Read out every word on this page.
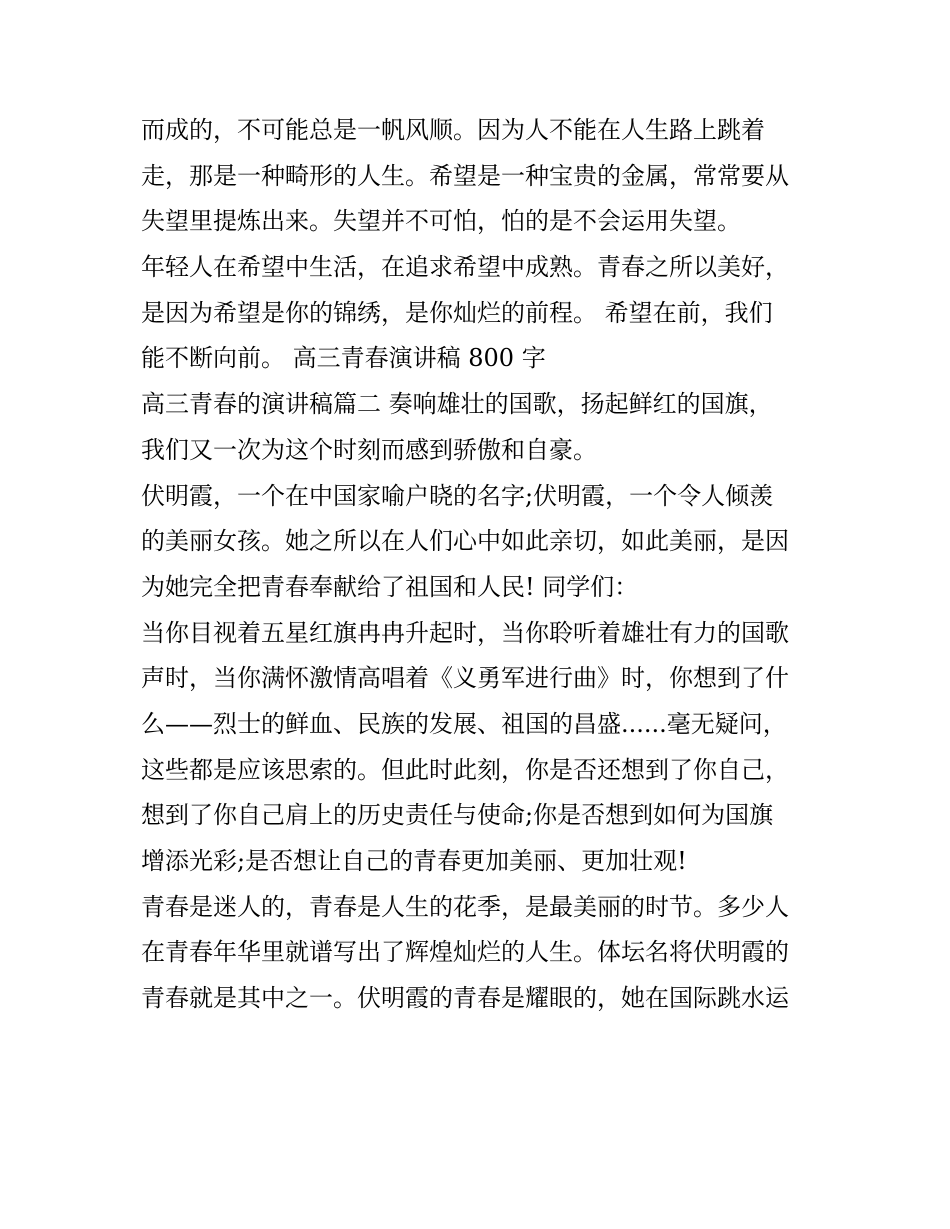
而成的，不可能总是一帆风顺。因为人不能在人生路上跳着
走，那是一种畸形的人生。希望是一种宝贵的金属，常常要从
失望里提炼出来。失望并不可怕，怕的是不会运用失望。
年轻人在希望中生活，在追求希望中成熟。青春之所以美好，
是因为希望是你的锦绣，是你灿烂的前程。 希望在前，我们
能不断向前。 高三青春演讲稿 800 字
高三青春的演讲稿篇二 奏响雄壮的国歌，扬起鲜红的国旗，
我们又一次为这个时刻而感到骄傲和自豪。
伏明霞，一个在中国家喻户晓的名字;伏明霞，一个令人倾羡
的美丽女孩。她之所以在人们心中如此亲切，如此美丽，是因
为她完全把青春奉献给了祖国和人民! 同学们：
当你目视着五星红旗冉冉升起时，当你聆听着雄壮有力的国歌
声时，当你满怀激情高唱着《义勇军进行曲》时，你想到了什
么——烈士的鲜血、民族的发展、祖国的昌盛......毫无疑问，
这些都是应该思索的。但此时此刻，你是否还想到了你自己，
想到了你自己肩上的历史责任与使命;你是否想到如何为国旗
增添光彩;是否想让自己的青春更加美丽、更加壮观!
青春是迷人的，青春是人生的花季，是最美丽的时节。多少人
在青春年华里就谱写出了辉煌灿烂的人生。体坛名将伏明霞的
青春就是其中之一。伏明霞的青春是耀眼的，她在国际跳水运
